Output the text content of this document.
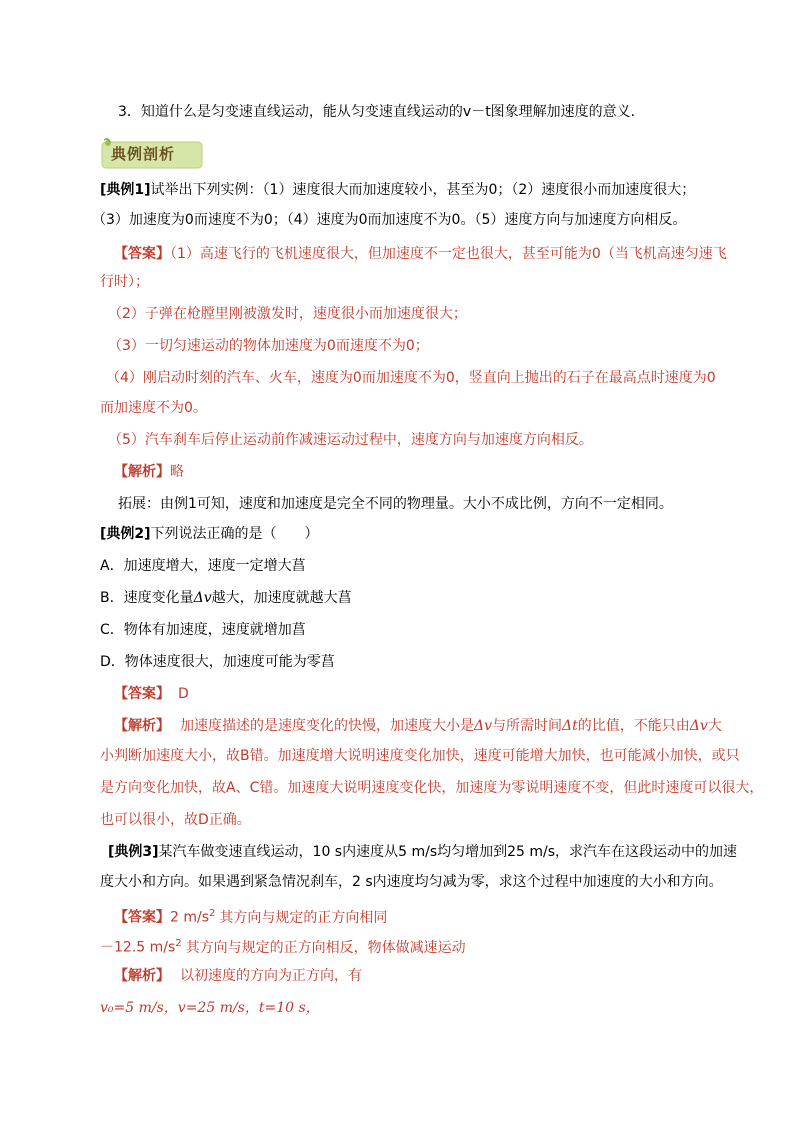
3．知道什么是匀变速直线运动，能从匀变速直线运动的v－t图象理解加速度的意义．
典例剖析
[典例1]试举出下列实例：（1）速度很大而加速度较小，甚至为0；（2）速度很小而加速度很大；
（3）加速度为0而速度不为0；（4）速度为0而加速度不为0。（5）速度方向与加速度方向相反。
【答案】（1）高速飞行的飞机速度很大，但加速度不一定也很大，甚至可能为0（当飞机高速匀速飞
行时）；
（2）子弹在枪膛里刚被激发时，速度很小而加速度很大；
（3）一切匀速运动的物体加速度为0而速度不为0；
（4）刚启动时刻的汽车、火车，速度为0而加速度不为0，竖直向上抛出的石子在最高点时速度为0
而加速度不为0。
（5）汽车刹车后停止运动前作减速运动过程中，速度方向与加速度方向相反。
【解析】略
拓展：由例1可知，速度和加速度是完全不同的物理量。大小不成比例，方向不一定相同。
[典例2]下列说法正确的是（　　）
A．加速度增大，速度一定增大菖
B．速度变化量Δv越大，加速度就越大菖
C．物体有加速度，速度就增加菖
D．物体速度很大，加速度可能为零菖
【答案】 D
【解析】 加速度描述的是速度变化的快慢，加速度大小是Δv与所需时间Δt的比值，不能只由Δv大
小判断加速度大小，故B错。加速度增大说明速度变化加快，速度可能增大加快，也可能减小加快，或只
是方向变化加快，故A、C错。加速度大说明速度变化快，加速度为零说明速度不变，但此时速度可以很大，
也可以很小，故D正确。
[典例3]某汽车做变速直线运动，10 s内速度从5 m/s均匀增加到25 m/s，求汽车在这段运动中的加速
度大小和方向。如果遇到紧急情况刹车，2 s内速度均匀减为零，求这个过程中加速度的大小和方向。
【答案】2 $m/s^2$ 其方向与规定的正方向相同
－12.5 $m/s^2$ 其方向与规定的正方向相反，物体做减速运动
【解析】 以初速度的方向为正方向，有
v₀=5 m/s，v=25 m/s，t=10 s，
